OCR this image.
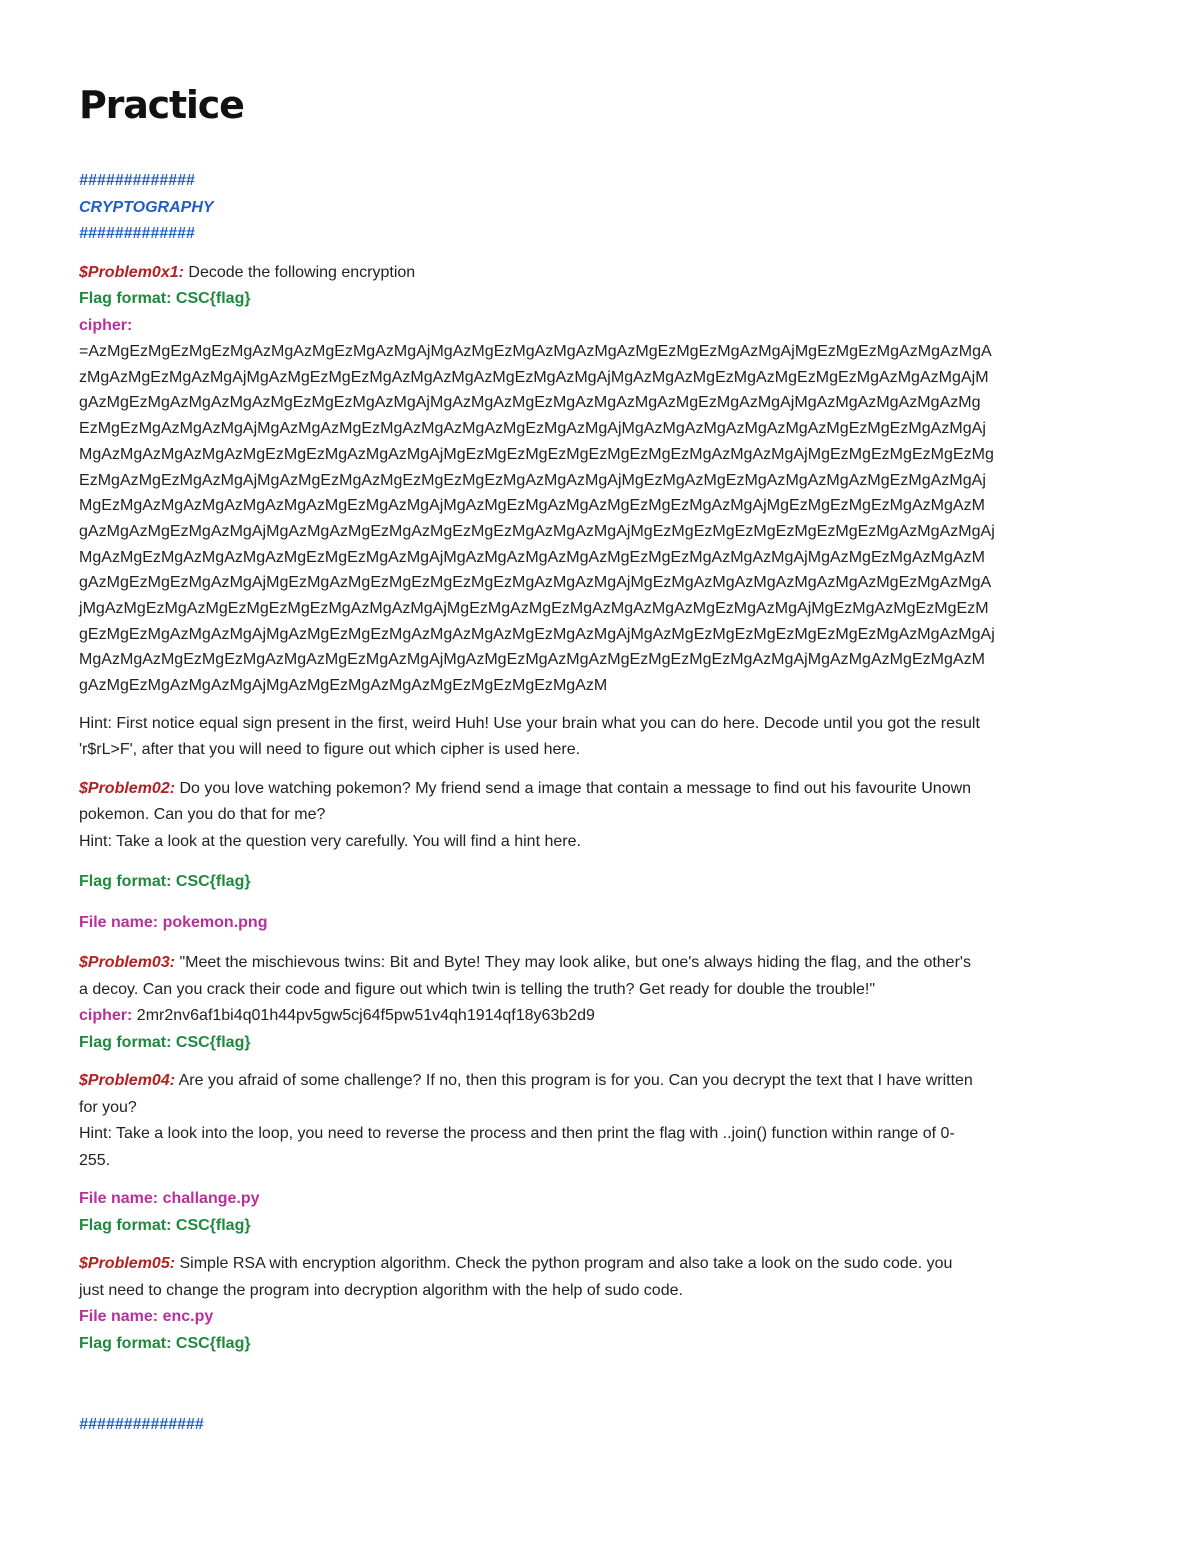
Practice

#############

CRYPTOGRAPHY

#############

$Problem0x1: Decode the following encryption

Flag format: CSC{flag}

cipher:

=AzMgEzMgEzMgEzMgAzMgAzMgEzMgAzMgAjMgAzMgEzMgAzMgAzMgAzMgEzMgEzMgAzMgAjMgEzMgEzMgAzMgAzMgA

zMgAzMgEzMgAzMgAjMgAzMgEzMgEzMgAzMgAzMgAzMgEzMgAzMgAjMgAzMgAzMgEzMgAzMgEzMgEzMgAzMgAzMgAjM

gAzMgEzMgAzMgAzMgAzMgEzMgEzMgAzMgAjMgAzMgAzMgEzMgAzMgAzMgAzMgEzMgAzMgAjMgAzMgAzMgAzMgAzMg

EzMgEzMgAzMgAzMgAjMgAzMgAzMgEzMgAzMgAzMgAzMgEzMgAzMgAjMgAzMgAzMgAzMgAzMgAzMgEzMgEzMgAzMgAj

MgAzMgAzMgAzMgAzMgEzMgEzMgAzMgAzMgAjMgEzMgEzMgEzMgEzMgEzMgEzMgAzMgAzMgAjMgEzMgEzMgEzMgEzMg

EzMgAzMgEzMgAzMgAjMgAzMgEzMgAzMgEzMgEzMgEzMgAzMgAzMgAjMgEzMgAzMgEzMgAzMgAzMgAzMgEzMgAzMgAj

MgEzMgAzMgAzMgAzMgAzMgAzMgEzMgAzMgAjMgAzMgEzMgAzMgAzMgEzMgEzMgAzMgAjMgEzMgEzMgEzMgAzMgAzM

gAzMgAzMgEzMgAzMgAjMgAzMgAzMgEzMgAzMgEzMgEzMgAzMgAzMgAjMgEzMgEzMgEzMgEzMgEzMgEzMgAzMgAzMgAj

MgAzMgEzMgAzMgAzMgAzMgEzMgEzMgAzMgAjMgAzMgAzMgAzMgAzMgEzMgEzMgAzMgAzMgAjMgAzMgEzMgAzMgAzM

gAzMgEzMgEzMgAzMgAjMgEzMgAzMgEzMgEzMgEzMgEzMgAzMgAzMgAjMgEzMgAzMgAzMgAzMgAzMgAzMgEzMgAzMgA

jMgAzMgEzMgAzMgEzMgEzMgEzMgAzMgAzMgAjMgEzMgAzMgEzMgAzMgAzMgAzMgEzMgAzMgAjMgEzMgAzMgEzMgEzM

gEzMgEzMgAzMgAzMgAjMgAzMgEzMgEzMgAzMgAzMgAzMgEzMgAzMgAjMgAzMgEzMgEzMgEzMgEzMgEzMgAzMgAzMgAj

MgAzMgAzMgEzMgEzMgAzMgAzMgEzMgAzMgAjMgAzMgEzMgAzMgAzMgEzMgEzMgEzMgAzMgAjMgAzMgAzMgEzMgAzM

gAzMgEzMgAzMgAzMgAjMgAzMgEzMgAzMgAzMgEzMgEzMgEzMgAzM

Hint: First notice equal sign present in the first, weird Huh! Use your brain what you can do here. Decode until you got the result

'r$rL>F', after that you will need to figure out which cipher is used here.

$Problem02: Do you love watching pokemon? My friend send a image that contain a message to find out his favourite Unown

pokemon. Can you do that for me?

Hint: Take a look at the question very carefully. You will find a hint here.

Flag format: CSC{flag}

File name: pokemon.png

$Problem03: "Meet the mischievous twins: Bit and Byte! They may look alike, but one's always hiding the flag, and the other's

a decoy. Can you crack their code and figure out which twin is telling the truth? Get ready for double the trouble!"

cipher: 2mr2nv6af1bi4q01h44pv5gw5cj64f5pw51v4qh1914qf18y63b2d9

Flag format: CSC{flag}

$Problem04: Are you afraid of some challenge? If no, then this program is for you. Can you decrypt the text that I have written

for you?

Hint: Take a look into the loop, you need to reverse the process and then print the flag with ..join() function within range of 0-

255.

File name: challange.py

Flag format: CSC{flag}

$Problem05: Simple RSA with encryption algorithm. Check the python program and also take a look on the sudo code. you

just need to change the program into decryption algorithm with the help of sudo code.

File name: enc.py

Flag format: CSC{flag}

##############
